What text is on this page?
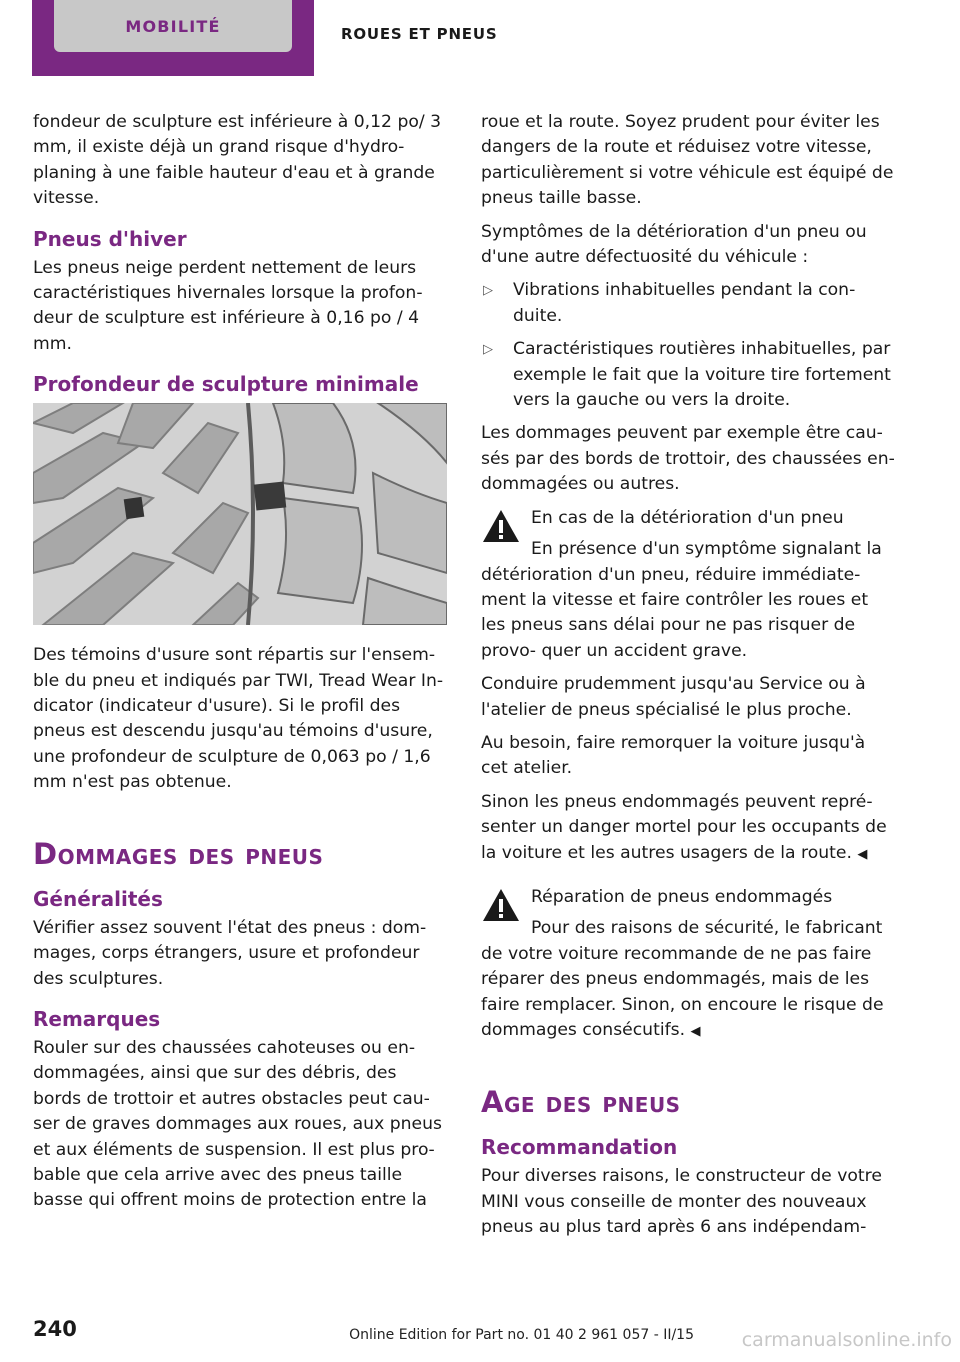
MOBILITÉ	ROUES ET PNEUS

fondeur de sculpture est inférieure à 0,12 po/ 3 mm, il existe déjà un grand risque d'hydro‐ planing à une faible hauteur d'eau et à grande vitesse.

Pneus d'hiver

Les pneus neige perdent nettement de leurs caractéristiques hivernales lorsque la profon‐ deur de sculpture est inférieure à 0,16 po / 4 mm.

Profondeur de sculpture minimale

Des témoins d'usure sont répartis sur l'ensem‐ ble du pneu et indiqués par TWI, Tread Wear In‐ dicator (indicateur d'usure). Si le profil des pneus est descendu jusqu'au témoins d'usure, une profondeur de sculpture de 0,063 po / 1,6 mm n'est pas obtenue.

Dommages des pneus
Généralités

Vérifier assez souvent l'état des pneus : dom‐ mages, corps étrangers, usure et profondeur des sculptures.

Remarques

Rouler sur des chaussées cahoteuses ou en‐ dommagées, ainsi que sur des débris, des bords de trottoir et autres obstacles peut cau‐ ser de graves dommages aux roues, aux pneus et aux éléments de suspension. Il est plus pro‐ bable que cela arrive avec des pneus taille basse qui offrent moins de protection entre la

roue et la route. Soyez prudent pour éviter les dangers de la route et réduisez votre vitesse, particulièrement si votre véhicule est équipé de pneus taille basse.

Symptômes de la détérioration d'un pneu ou d'une autre défectuosité du véhicule :

▷ Vibrations inhabituelles pendant la con‐ duite.
▷ Caractéristiques routières inhabituelles, par exemple le fait que la voiture tire fortement vers la gauche ou vers la droite.

Les dommages peuvent par exemple être cau‐ sés par des bords de trottoir, des chaussées en‐ dommagées ou autres.

En cas de la détérioration d'un pneu
En présence d'un symptôme signalant la détérioration d'un pneu, réduire immédiate‐ ment la vitesse et faire contrôler les roues et les pneus sans délai pour ne pas risquer de provo‐ quer un accident grave.

Conduire prudemment jusqu'au Service ou à l'atelier de pneus spécialisé le plus proche.

Au besoin, faire remorquer la voiture jusqu'à cet atelier.

Sinon les pneus endommagés peuvent repré‐ senter un danger mortel pour les occupants de la voiture et les autres usagers de la route. ◀

Réparation de pneus endommagés
Pour des raisons de sécurité, le fabricant de votre voiture recommande de ne pas faire réparer des pneus endommagés, mais de les faire remplacer. Sinon, on encoure le risque de dommages consécutifs. ◀
Age des pneus
Recommandation

Pour diverses raisons, le constructeur de votre MINI vous conseille de monter des nouveaux pneus au plus tard après 6 ans indépendam‐

240	Online Edition for Part no. 01 40 2 961 057 - II/15	carmanualsonline.info
